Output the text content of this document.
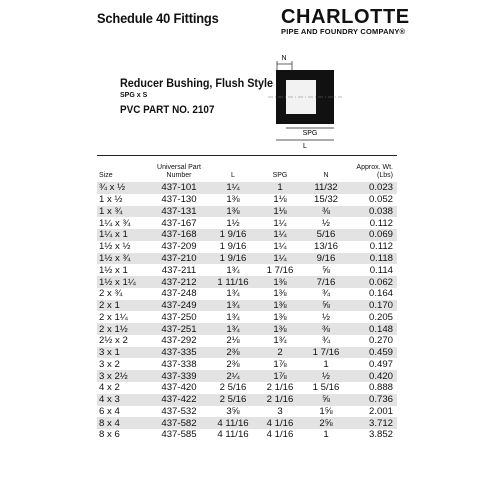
Schedule 40 Fittings	CHARLOTTE
PIPE AND FOUNDRY COMPANY®
Reducer Bushing, Flush Style
SPG x S
PVC PART NO. 2107
N
SPG
L
Size	Universal Part Number	L	SPG	N	Approx. Wt. (Lbs)
¾ x ½	437-101	1¼	1	11/32	0.023
1 x ½	437-130	1⅜	1⅛	15/32	0.052
1 x ¾	437-131	1⅜	1⅛	⅜	0.038
1¼ x ¾	437-167	1½	1¼	½	0.112
1¼ x 1	437-168	1 9/16	1¼	5/16	0.069
1½ x ½	437-209	1 9/16	1¼	13/16	0.112
1½ x ¾	437-210	1 9/16	1¼	9/16	0.118
1½ x 1	437-211	1¾	1 7/16	⅝	0.114
1½ x 1¼	437-212	1 11/16	1⅜	7/16	0.062
2 x ¾	437-248	1¾	1⅜	¾	0.164
2 x 1	437-249	1¾	1⅜	⅝	0.170
2 x 1¼	437-250	1¾	1⅜	½	0.205
2 x 1½	437-251	1¾	1⅜	⅜	0.148
2½ x 2	437-292	2⅛	1¾	¾	0.270
3 x 1	437-335	2⅜	2	1 7/16	0.459
3 x 2	437-338	2⅜	1⅞	1	0.497
3 x 2½	437-339	2¼	1⅞	½	0.420
4 x 2	437-420	2 5/16	2 1/16	1 5/16	0.888
4 x 3	437-422	2 5/16	2 1/16	⅝	0.736
6 x 4	437-532	3⅝	3	1⅝	2.001
8 x 4	437-582	4 11/16	4 1/16	2⅝	3.712
8 x 6	437-585	4 11/16	4 1/16	1	3.852
